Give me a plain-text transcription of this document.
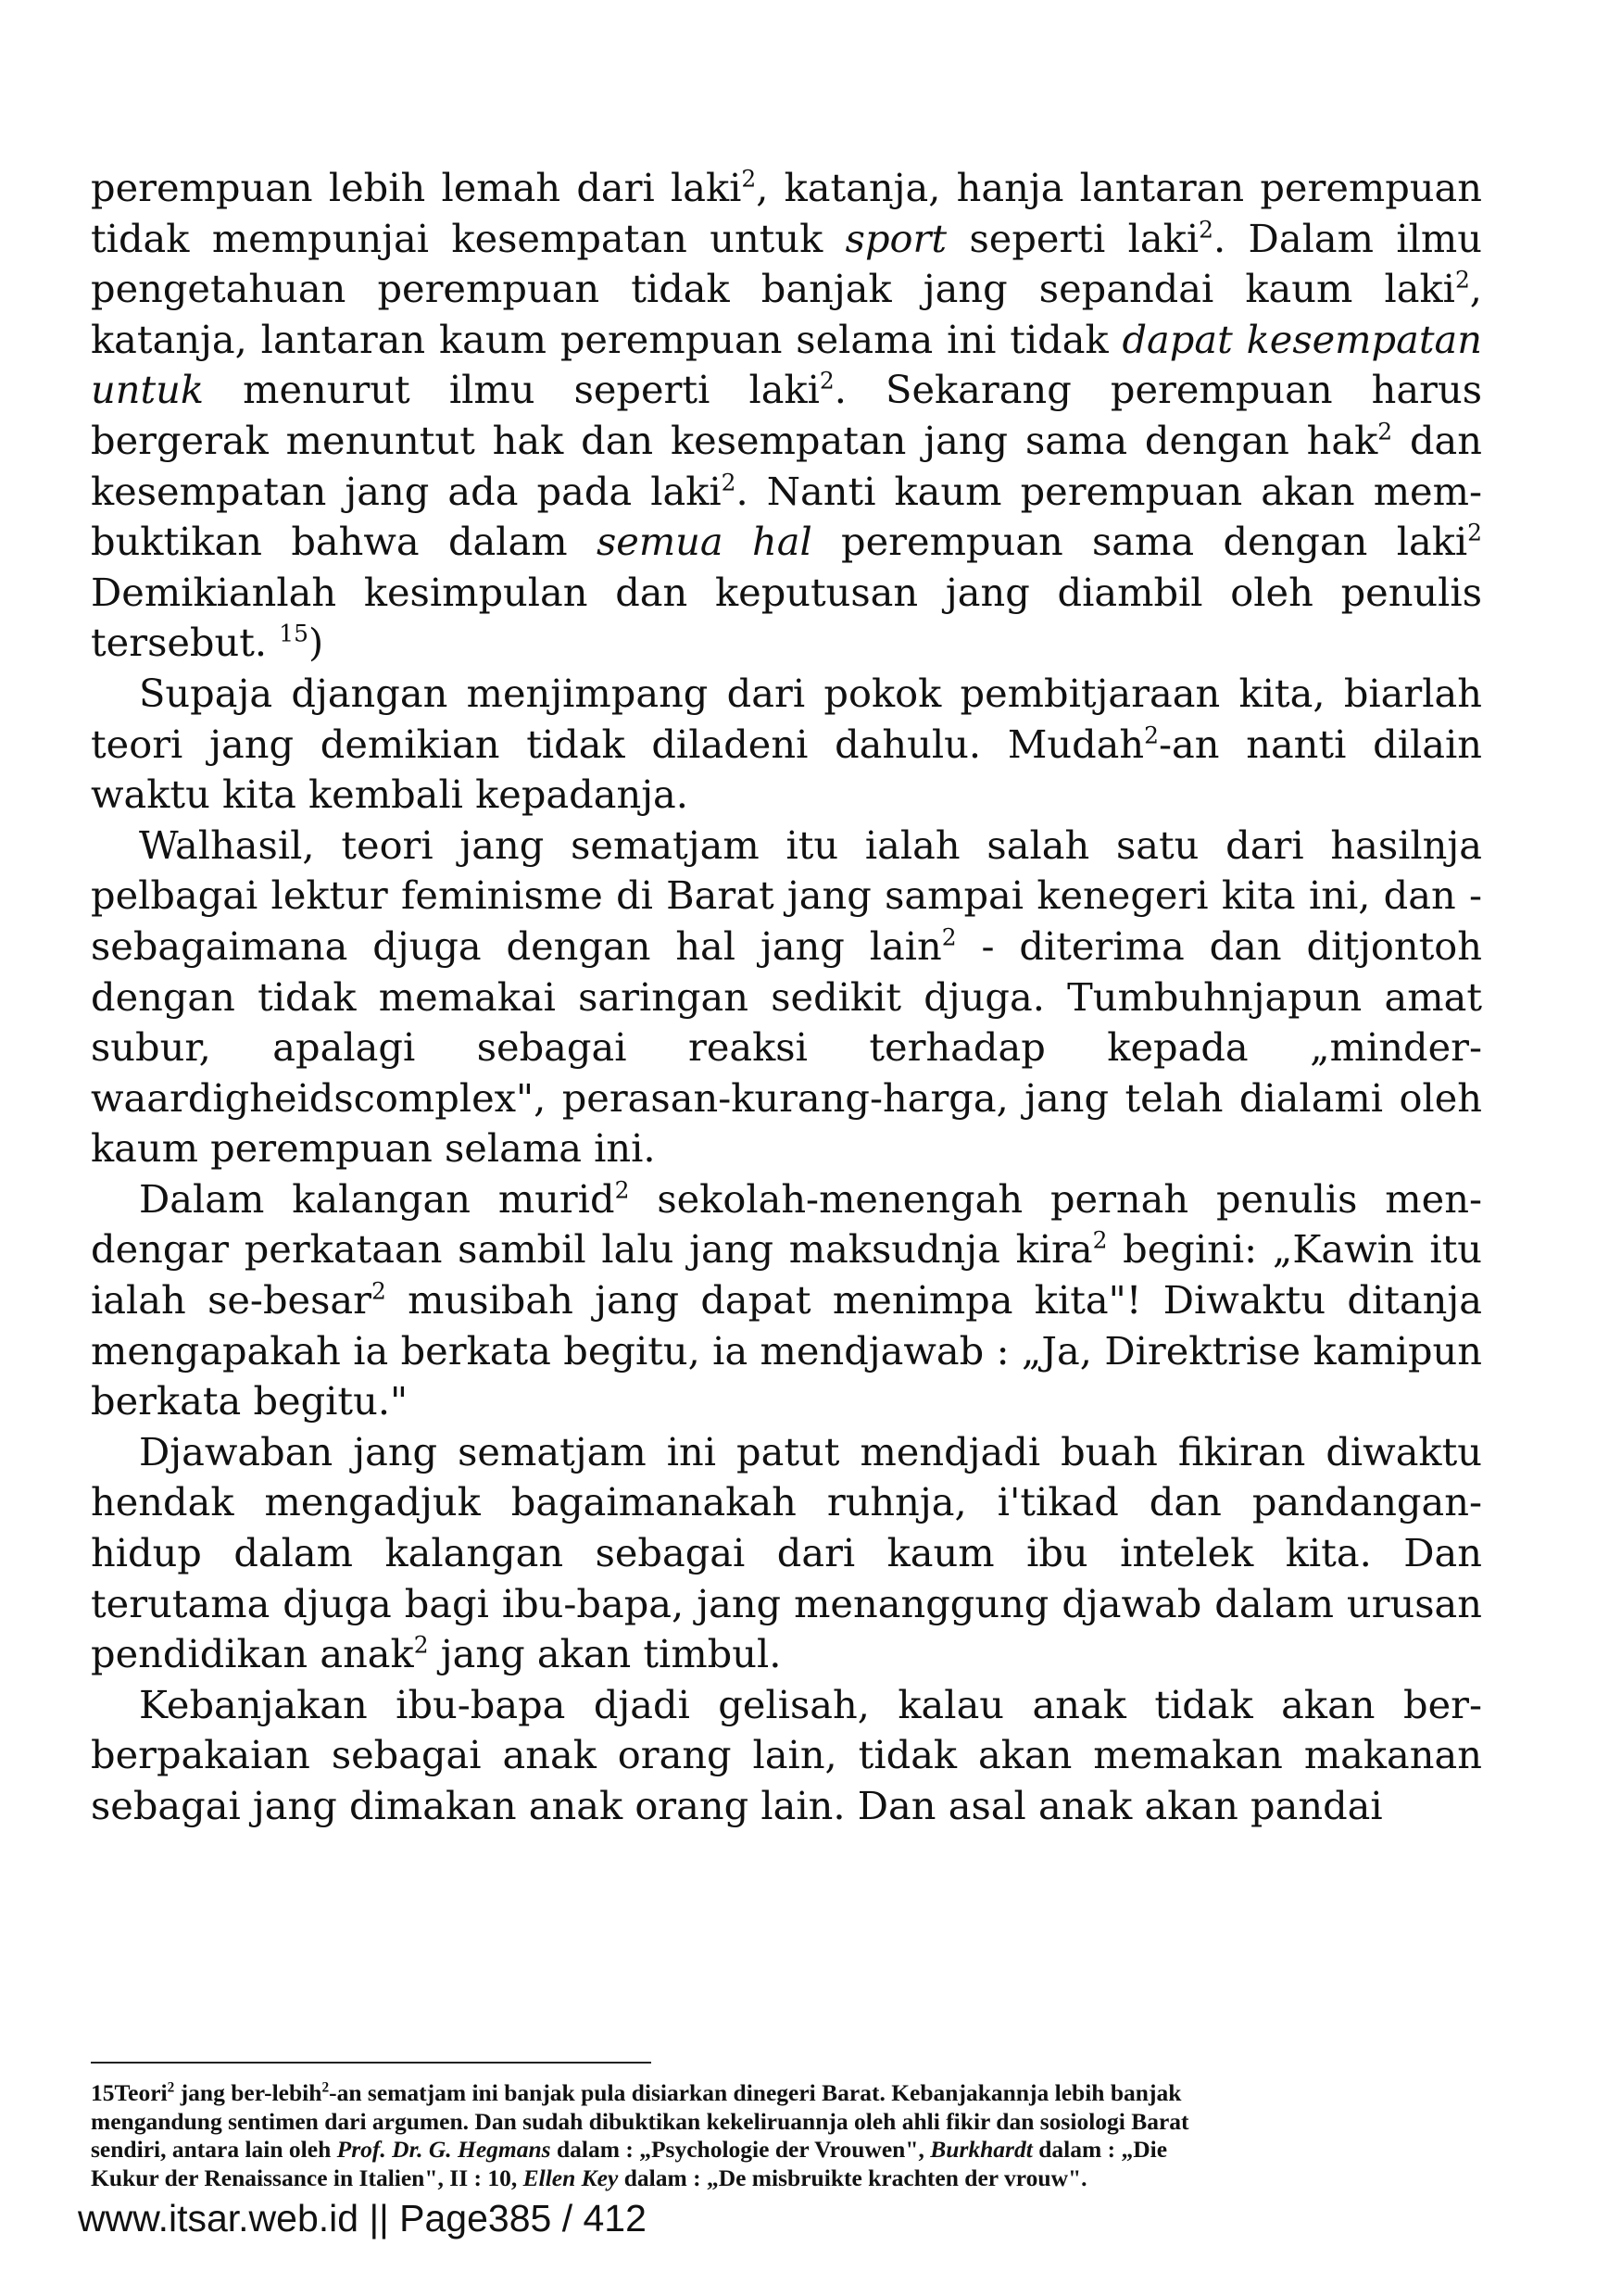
perempuan lebih lemah dari laki$^2$, katanja, hanja lantaran perempuan tidak mempunjai kesempatan untuk sport seperti laki$^2$. Dalam ilmu pengetahuan perempuan tidak banjak jang sepandai kaum laki$^2$, katanja, lantaran kaum perempuan selama ini tidak dapat kesempatan untuk menurut ilmu seperti laki$^2$. Sekarang perempuan harus bergerak menuntut hak dan kesempatan jang sama dengan hak$^2$ dan kesempatan jang ada pada laki$^2$. Nanti kaum perempuan akan membuktikan bahwa dalam semua hal perempuan sama dengan laki$^2$ Demikianlah kesimpulan dan keputusan jang diambil oleh penulis tersebut. $^{15}$)

Supaja djangan menjimpang dari pokok pembitjaraan kita, biarlah teori jang demikian tidak diladeni dahulu. Mudah$^2$-an nanti dilain waktu kita kembali kepadanja.

Walhasil, teori jang sematjam itu ialah salah satu dari hasilnja pelbagai lektur feminisme di Barat jang sampai kenegeri kita ini, dan - sebagaimana djuga dengan hal jang lain$^2$ - diterima dan ditjontoh dengan tidak memakai saringan sedikit djuga. Tumbuhnjapun amat subur, apalagi sebagai reaksi terhadap kepada „minderwaardigheidscomplex", perasan-kurang-harga, jang telah dialami oleh kaum perempuan selama ini.

Dalam kalangan murid$^2$ sekolah-menengah pernah penulis mendengar perkataan sambil lalu jang maksudnja kira$^2$ begini: „Kawin itu ialah se-besar$^2$ musibah jang dapat menimpa kita"! Diwaktu ditanja mengapakah ia berkata begitu, ia mendjawab : „Ja, Direktrise kamipun berkata begitu."

Djawaban jang sematjam ini patut mendjadi buah fikiran diwaktu hendak mengadjuk bagaimanakah ruhnja, i'tikad dan pandangan-hidup dalam kalangan sebagai dari kaum ibu intelek kita. Dan terutama djuga bagi ibu-bapa, jang menanggung djawab dalam urusan pendidikan anak$^2$ jang akan timbul.

Kebanjakan ibu-bapa djadi gelisah, kalau anak tidak akan berberpakaian sebagai anak orang lain, tidak akan memakan makanan sebagai jang dimakan anak orang lain. Dan asal anak akan pandai

15Teori$^2$ jang ber-lebih$^2$-an sematjam ini banjak pula disiarkan dinegeri Barat. Kebanjakannja lebih banjak mengandung sentimen dari argumen. Dan sudah dibuktikan kekeliruannja oleh ahli fikir dan sosiologi Barat sendiri, antara lain oleh Prof. Dr. G. Hegmans dalam : „Psychologie der Vrouwen", Burkhardt dalam : „Die Kukur der Renaissance in Italien", II : 10, Ellen Key dalam : „De misbruikte krachten der vrouw".

www.itsar.web.id || Page385 / 412
